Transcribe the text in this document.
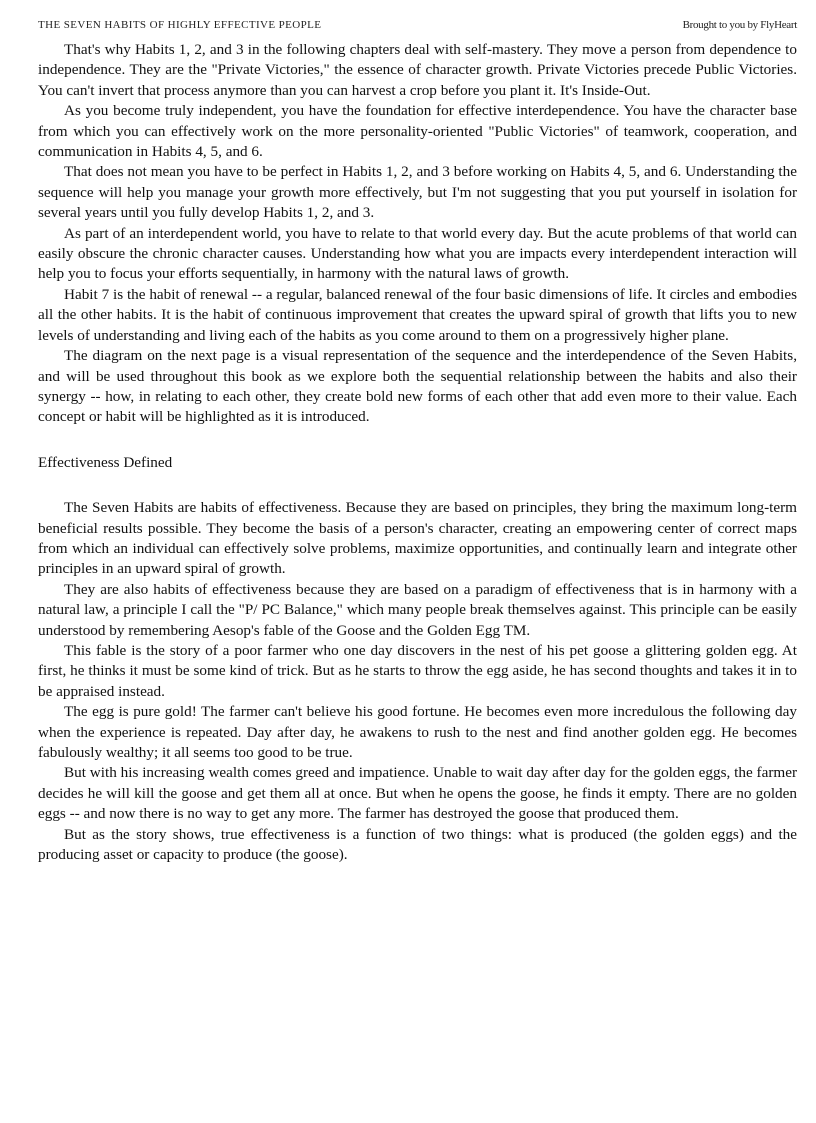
THE SEVEN HABITS OF HIGHLY EFFECTIVE PEOPLE	Brought to you by FlyHeart

That's why Habits 1, 2, and 3 in the following chapters deal with self-mastery. They move a person from dependence to independence. They are the "Private Victories," the essence of character growth. Private Victories precede Public Victories. You can't invert that process anymore than you can harvest a crop before you plant it. It's Inside-Out.

As you become truly independent, you have the foundation for effective interdependence. You have the character base from which you can effectively work on the more personality-oriented "Public Victories" of teamwork, cooperation, and communication in Habits 4, 5, and 6.

That does not mean you have to be perfect in Habits 1, 2, and 3 before working on Habits 4, 5, and 6. Understanding the sequence will help you manage your growth more effectively, but I'm not suggesting that you put yourself in isolation for several years until you fully develop Habits 1, 2, and 3.

As part of an interdependent world, you have to relate to that world every day. But the acute problems of that world can easily obscure the chronic character causes. Understanding how what you are impacts every interdependent interaction will help you to focus your efforts sequentially, in harmony with the natural laws of growth.

Habit 7 is the habit of renewal -- a regular, balanced renewal of the four basic dimensions of life. It circles and embodies all the other habits. It is the habit of continuous improvement that creates the upward spiral of growth that lifts you to new levels of understanding and living each of the habits as you come around to them on a progressively higher plane.

The diagram on the next page is a visual representation of the sequence and the interdependence of the Seven Habits, and will be used throughout this book as we explore both the sequential relationship between the habits and also their synergy -- how, in relating to each other, they create bold new forms of each other that add even more to their value. Each concept or habit will be highlighted as it is introduced.

Effectiveness Defined

The Seven Habits are habits of effectiveness. Because they are based on principles, they bring the maximum long-term beneficial results possible. They become the basis of a person's character, creating an empowering center of correct maps from which an individual can effectively solve problems, maximize opportunities, and continually learn and integrate other principles in an upward spiral of growth.

They are also habits of effectiveness because they are based on a paradigm of effectiveness that is in harmony with a natural law, a principle I call the "P/ PC Balance," which many people break themselves against. This principle can be easily understood by remembering Aesop's fable of the Goose and the Golden Egg TM.

This fable is the story of a poor farmer who one day discovers in the nest of his pet goose a glittering golden egg. At first, he thinks it must be some kind of trick. But as he starts to throw the egg aside, he has second thoughts and takes it in to be appraised instead.

The egg is pure gold! The farmer can't believe his good fortune. He becomes even more incredulous the following day when the experience is repeated. Day after day, he awakens to rush to the nest and find another golden egg. He becomes fabulously wealthy; it all seems too good to be true.

But with his increasing wealth comes greed and impatience. Unable to wait day after day for the golden eggs, the farmer decides he will kill the goose and get them all at once. But when he opens the goose, he finds it empty. There are no golden eggs -- and now there is no way to get any more. The farmer has destroyed the goose that produced them.

But as the story shows, true effectiveness is a function of two things: what is produced (the golden eggs) and the producing asset or capacity to produce (the goose).
